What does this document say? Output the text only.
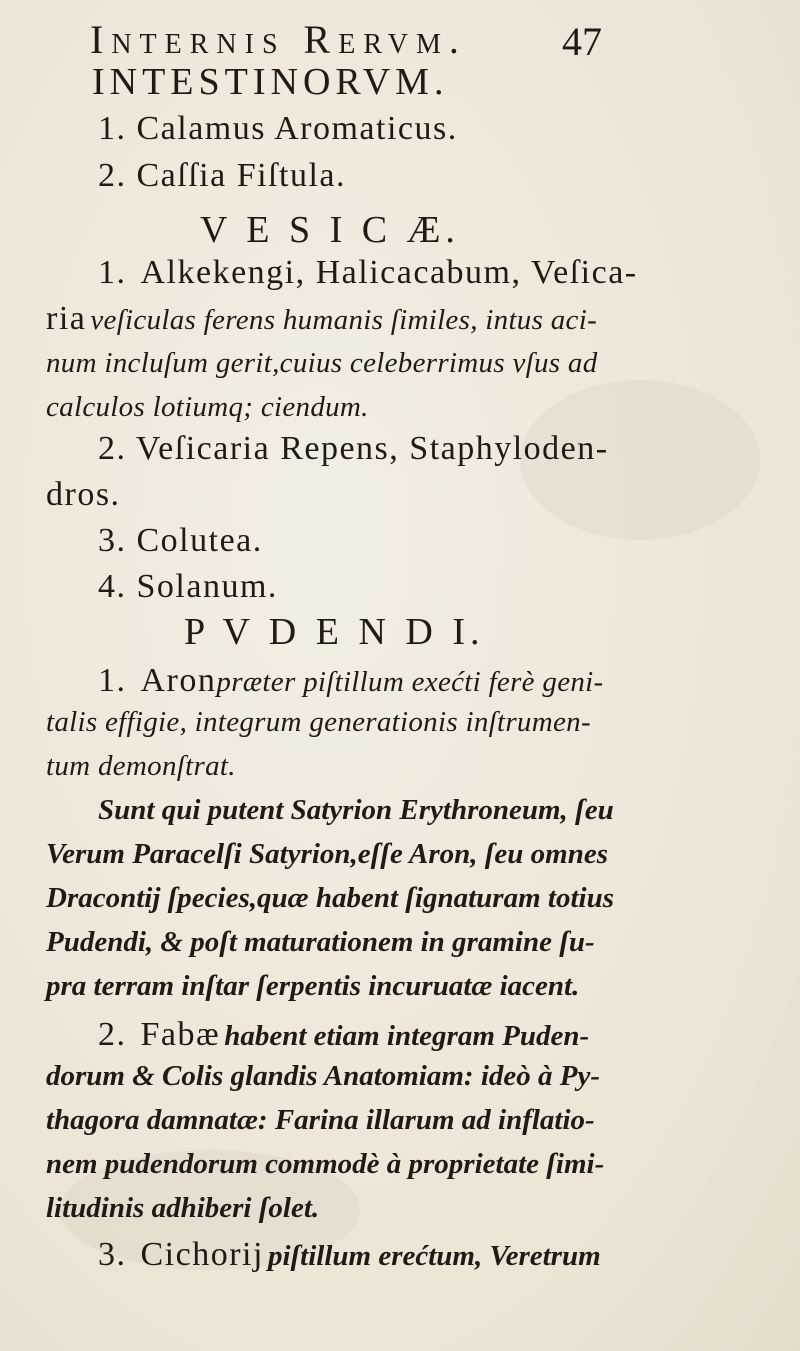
Internis Rervm. 47
INTESTINORVM.
1. Calamus Aromaticus.
2. Caſſia Fiſtula.
V E S I C Æ.
1. Alkekengi, Halicacabum, Veſica-
ria veſiculas ferens humanis ſimiles, intus aci-
num incluſum gerit,cuius celeberrimus vſus ad
calculos lotiumq; ciendum.
2. Veſicaria Repens, Staphyloden-
dros.
3. Colutea.
4. Solanum.
P V D E N D I.
1. Aronpræter piſtillum exećti ferè geni-
talis effigie, integrum generationis inſtrumen-
tum demonſtrat.
Sunt qui putent Satyrion Erythroneum, ſeu
Verum Paracelſi Satyrion,eſſe Aron, ſeu omnes
Dracontij ſpecies,quæ habent ſignaturam totius
Pudendi, & poſt maturationem in gramine ſu-
pra terram inſtar ſerpentis incuruatæ iacent.
2. Fabæ habent etiam integram Puden-
dorum & Colis glandis Anatomiam: ideò à Py-
thagora damnatæ: Farina illarum ad inflatio-
nem pudendorum commodè à proprietate ſimi-
litudinis adhiberi ſolet.
3. Cichorij piſtillum erećtum, Veretrum
